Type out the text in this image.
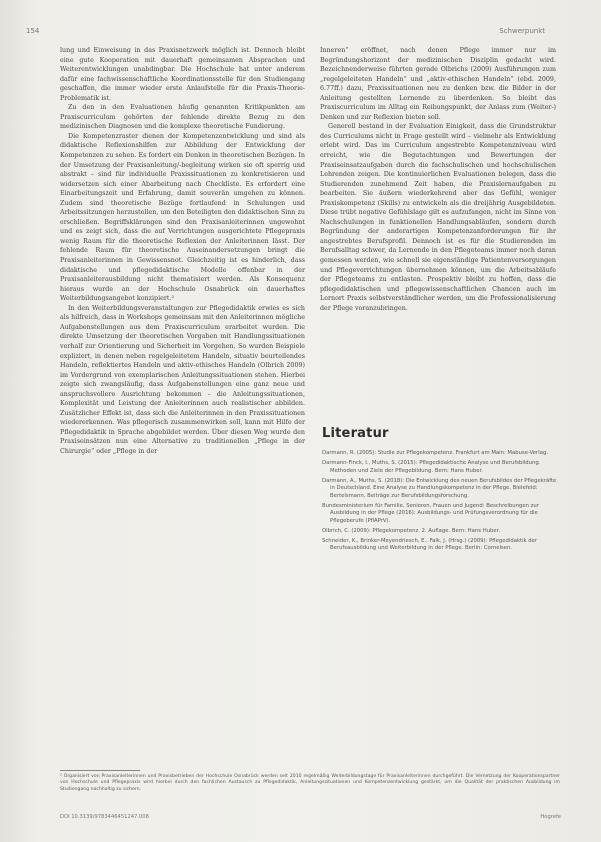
154	Schwerpunkt

lung und Einweisung in das Praxisnetzwerk möglich ist. Dennoch bleibt eine gute Kooperation mit dauerhaft gemeinsamen Absprachen und Weiterentwicklungen unabdingbar. Die Hochschule hat unter anderem dafür eine fachwissenschaftliche Koordinationsstelle für den Studiengang geschaffen, die immer wieder erste Anlaufstelle für die Praxis-Theorie-Problematik ist.

Zu den in den Evaluationen häufig genannten Kritikpunkten am Praxiscurriculum gehörten der fehlende direkte Bezug zu den medizinischen Diagnosen und die komplexe theoretische Fundierung.

Die Kompetenzraster dienen der Kompetenzentwicklung und sind als didaktische Reflexionshilfen zur Abbildung der Entwicklung der Kompetenzen zu sehen. Es fordert ein Denken in theoretischen Bezügen. In der Umsetzung der Praxisanleitung/-begleitung wirken sie oft sperrig und abstrakt – sind für individuelle Praxissituationen zu konkretisieren und widersetzen sich einer Abarbeitung nach Checkliste. Es erfordert eine Einarbeitungszeit und Erfahrung, damit souverän umgehen zu können. Zudem sind theoretische Bezüge fortlaufend in Schulungen und Arbeitssitzungen herzustellen, um den Beteiligten den didaktischen Sinn zu erschließen. Begriffsklärungen sind den Praxisanleiterinnen ungewohnt und es zeigt sich, dass die auf Verrichtungen ausgerichtete Pflegepraxis wenig Raum für die theoretische Reflexion der Anleiterinnen lässt. Der fehlende Raum für theoretische Auseinandersetzungen bringt die Praxisanleiterinnen in Gewissensnot. Gleichzeitig ist es hinderlich, dass didaktische und pflegedidaktische Modelle offenbar in der Praxisanleiterausbildung nicht thematisiert werden. Als Konsequenz hieraus wurde an der Hochschule Osnabrück ein dauerhaftes Weiterbildungsangebot konzipiert.²

In den Weiterbildungsveranstaltungen zur Pflegedidaktik erwies es sich als hilfreich, dass in Workshops gemeinsam mit den Anleiterinnen mögliche Aufgabenstellungen aus dem Praxiscurriculum erarbeitet wurden. Die direkte Umsetzung der theoretischen Vorgaben mit Handlungssituationen verhalf zur Orientierung und Sicherheit im Vorgehen. So wurden Beispiele expliziert, in denen neben regelgeleitetem Handeln, situativ beurteilendes Handeln, reflektiertes Handeln und aktiv-ethisches Handeln (Olbrich 2009) im Vordergrund von exemplarischen Anleitungssituationen stehen. Hierbei zeigte sich zwangsläufig, dass Aufgabenstellungen eine ganz neue und anspruchsvollere Ausrichtung bekommen – die Anleitungssituationen, Komplexität und Leistung der Anleiterinnen auch realistischer abbilden. Zusätzlicher Effekt ist, dass sich die Anleiterinnen in den Praxissituationen wiedererkennen. Was pflegerisch zusammenwirken soll, kann mit Hilfe der Pflegedidaktik in Sprache abgebildet werden. Über diesen Weg wurde den Praxiseinsätzen nun eine Alternative zu traditionellen „Pflege in der Chirurgie“ oder „Pflege in der

Inneren“ eröffnet, nach denen Pflege immer nur im Begründungshorizont der medizinischen Disziplin gedacht wird. Bezeichnenderweise führten gerade Olbrichs (2009) Ausführungen zum „regelgeleiteten Handeln“ und „aktiv-ethischen Handeln“ (ebd. 2009, 6.77ff.) dazu, Praxissituationen neu zu denken bzw. die Bilder in der Anleitung gestellten Lernende zu überdenken. So bleibt das Praxiscurriculum im Alltag ein Reibungspunkt, der Anlass zum (Weiter-) Denken und zur Reflexion bieten soll.

Generell bestand in der Evaluation Einigkeit, dass die Grundstruktur des Curriculums nicht in Frage gestellt wird – vielmehr als Entwicklung erlebt wird. Das im Curriculum angestrebte Kompetenzniveau wird erreicht, wie die Begutachtungen und Bewertungen der Praxiseinsatzaufgaben durch die fachschulischen und hochschulischen Lehrenden zeigen. Die kontinuierlichen Evaluationen belegen, dass die Studierenden zunehmend Zeit haben, die Praxislernaufgaben zu bearbeiten. Sie äußern wiederkehrend aber das Gefühl, weniger Praxiskompetenz (Skills) zu entwickeln als die dreijährig Ausgebildeten. Diese trübt negative Gefühlslage gilt es aufzufangen, nicht im Sinne von Nachschulungen in funktionellen Handlungsabläufen, sondern durch Begründung der anderartigen Kompetenzanforderungen für ihr angestrebtes Berufsprofil. Dennoch ist es für die Studierenden im Berufsalltag schwer, da Lernende in den Pflegeteams immer noch daran gemessen werden, wie schnell sie eigenständige Patientenversorgungen und Pflegeverrichtungen übernehmen können, um die Arbeitsabläufe der Pflegeteams zu entlasten. Prospektiv bleibt zu hoffen, dass die pflegedidaktischen und pflegewissenschaftlichen Chancen auch im Lernort Praxis selbstverständlicher werden, um die Professionalisierung der Pflege voranzubringen.

Literatur
Darmann, R. (2005): Studie zur Pflegekompetenz. Frankfurt am Main: Mabuse-Verlag.
Darmann-Finck, I., Muths, S. (2015): Pflegedidaktische Analyse und Berufsbildung. Methoden und Ziele der Pflegebildung. Bern: Hans Huber.
Darmann, A., Muths, S. (2018): Die Entwicklung des neuen Berufsbildes der Pflegekräfte in Deutschland. Eine Analyse zu Handlungskompetenz in der Pflege. Bielefeld: Bertelsmann, Beiträge zur Berufsbildungsforschung.
Bundesministerium für Familie, Senioren, Frauen und Jugend: Beschreibungen zur Ausbildung in der Pflege (2016): Ausbildungs- und Prüfungsverordnung für die Pflegeberufe (PflAPrV).
Olbrich, C. (2009): Pflegekompetenz. 2. Auflage. Bern: Hans Huber.
Schneider, K., Brinker-Meyendriesch, E., Falk, J. (Hrsg.) (2009): Pflegedidaktik der Berufsausbildung und Weiterbildung in der Pflege. Berlin: Cornelsen.
² Organisiert von Praxisanleiterinnen und Praxisbetrieben der Hochschule Osnabrück werden seit 2010 regelmäßig Weiterbildungstage für Praxisanleiterinnen durchgeführt. Die Vernetzung der Kooperationspartner von Hochschule und Pflegepraxis wird hierbei durch den fachlichen Austausch zu Pflegedidaktik, Anleitungssituationen und Kompetenzentwicklung gestärkt, um die Qualität der praktischen Ausbildung im Studiengang nachhaltig zu sichern.
DOI 10.3139/9783446451247.008	Hogrefe
